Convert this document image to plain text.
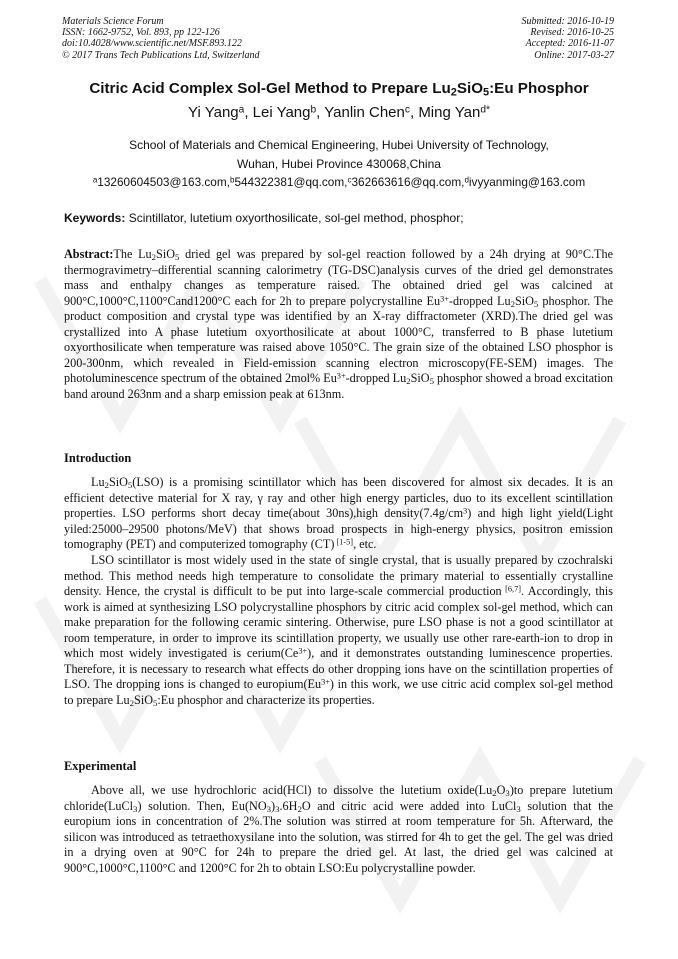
Materials Science Forum
ISSN: 1662-9752, Vol. 893, pp 122-126
doi:10.4028/www.scientific.net/MSF.893.122
© 2017 Trans Tech Publications Ltd, Switzerland
Submitted: 2016-10-19
Revised: 2016-10-25
Accepted: 2016-11-07
Online: 2017-03-27
Citric Acid Complex Sol-Gel Method to Prepare $Lu_2SiO_5:Eu$ Phosphor
Yi Yang$^a$, Lei Yang$^b$, Yanlin Chen$^c$, Ming Yan$^{d*}$
School of Materials and Chemical Engineering, Hubei University of Technology,
Wuhan, Hubei Province 430068,China
$^a$13260604503@163.com,$^b$544322381@qq.com,$^c$362663616@qq.com,$^d$ivyyanming@163.com
Keywords: Scintillator, lutetium oxyorthosilicate, sol-gel method, phosphor;
Abstract:The $Lu_2SiO_5$ dried gel was prepared by sol-gel reaction followed by a 24h drying at 90°C.The thermogravimetry–differential scanning calorimetry (TG-DSC)analysis curves of the dried gel demonstrates mass and enthalpy changes as temperature raised. The obtained dried gel was calcined at 900°C,1000°C,1100°Cand1200°C each for 2h to prepare polycrystalline $Eu^{3+}$-dropped $Lu_2SiO_5$ phosphor. The product composition and crystal type was identified by an X-ray diffractometer (XRD).The dried gel was crystallized into A phase lutetium oxyorthosilicate at about 1000°C, transferred to B phase lutetium oxyorthosilicate when temperature was raised above 1050°C. The grain size of the obtained LSO phosphor is 200-300nm, which revealed in Field-emission scanning electron microscopy(FE-SEM) images. The photoluminescence spectrum of the obtained 2mol% $Eu^{3+}$-dropped $Lu_2SiO_5$ phosphor showed a broad excitation band around 263nm and a sharp emission peak at 613nm.
Introduction
$Lu_2SiO_5(LSO)$ is a promising scintillator which has been discovered for almost six decades. It is an efficient detective material for X ray, γ ray and other high energy particles, duo to its excellent scintillation properties. LSO performs short decay time(about 30ns),high $density(7.4g/cm^3)$ and high light yield(Light yiled:25000–29500 photons/MeV) that shows broad prospects in high-energy physics, positron emission tomography (PET) and computerized tomography (CT) [1-5], etc.
LSO scintillator is most widely used in the state of single crystal, that is usually prepared by czochralski method. This method needs high temperature to consolidate the primary material to essentially crystalline density. Hence, the crystal is difficult to be put into large-scale commercial production [6,7]. Accordingly, this work is aimed at synthesizing LSO polycrystalline phosphors by citric acid complex sol-gel method, which can make preparation for the following ceramic sintering. Otherwise, pure LSO phase is not a good scintillator at room temperature, in order to improve its scintillation property, we usually use other rare-earth-ion to drop in which most widely investigated is $cerium(Ce^{3+})$, and it demonstrates outstanding luminescence properties. Therefore, it is necessary to research what effects do other dropping ions have on the scintillation properties of LSO. The dropping ions is changed to $europium(Eu^{3+})$ in this work, we use citric acid complex sol-gel method to prepare $Lu_2SiO_5:Eu$ phosphor and characterize its properties.
Experimental
Above all, we use hydrochloric acid(HCl) to dissolve the lutetium $oxide(Lu_2O_3)to$ prepare lutetium chloride(LuCl$_3$) solution. Then, $Eu(NO_3)_3.6H_2O$ and citric acid were added into LuCl$_3$ solution that the europium ions in concentration of 2%.The solution was stirred at room temperature for 5h. Afterward, the silicon was introduced as tetraethoxysilane into the solution, was stirred for 4h to get the gel. The gel was dried in a drying oven at 90°C for 24h to prepare the dried gel. At last, the dried gel was calcined at 900°C,1000°C,1100°C and 1200°C for 2h to obtain LSO:Eu polycrystalline powder.
